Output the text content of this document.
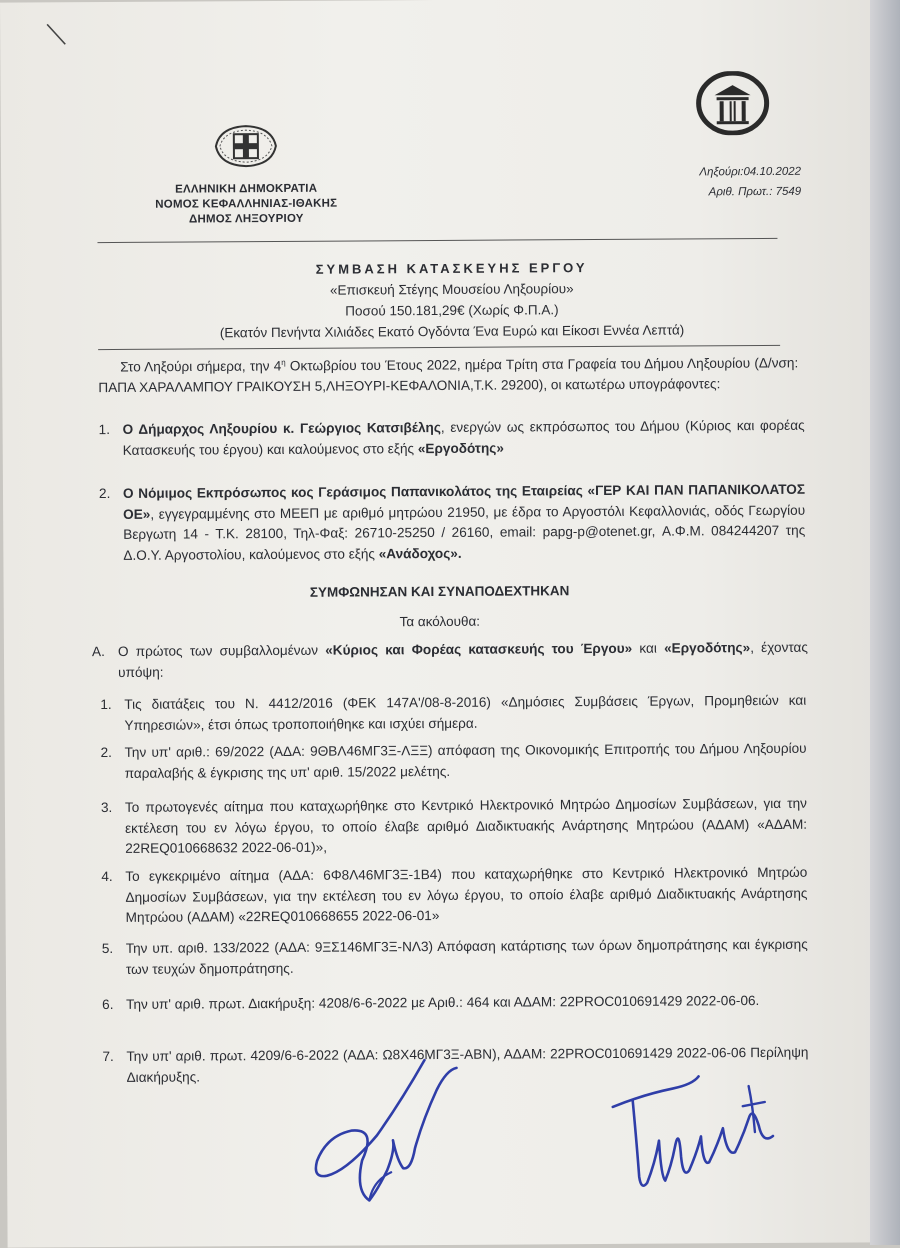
ΕΛΛΗΝΙΚΗ ΔΗΜΟΚΡΑΤΙΑ
ΝΟΜΟΣ ΚΕΦΑΛΛΗΝΙΑΣ-ΙΘΑΚΗΣ
ΔΗΜΟΣ ΛΗΞΟΥΡΙΟΥ
Ληξούρι:04.10.2022
Αριθ. Πρωτ.: 7549
ΣΥΜΒΑΣΗ ΚΑΤΑΣΚΕΥΗΣ ΕΡΓΟΥ
«Επισκευή Στέγης Μουσείου Ληξουρίου»
Ποσού 150.181,29€ (Χωρίς Φ.Π.Α.)
(Εκατόν Πενήντα Χιλιάδες Εκατό Ογδόντα Ένα Ευρώ και Είκοσι Εννέα Λεπτά)
Στο Ληξούρι σήμερα, την $4^\eta$ Οκτωβρίου του Έτους 2022, ημέρα Τρίτη στα Γραφεία του Δήμου Ληξουρίου (Δ/νση: ΠΑΠΑ ΧΑΡΑΛΑΜΠΟΥ ΓΡΑΙΚΟΥΣΗ 5,ΛΗΞΟΥΡΙ-ΚΕΦΑΛΟΝΙΑ,Τ.Κ. 29200), οι κατωτέρω υπογράφοντες:
1. Ο Δήμαρχος Ληξουρίου κ. Γεώργιος Κατσιβέλης, ενεργών ως εκπρόσωπος του Δήμου (Κύριος και φορέας Κατασκευής του έργου) και καλούμενος στο εξής «Εργοδότης»
2. Ο Νόμιμος Εκπρόσωπος κος Γεράσιμος Παπανικολάτος της Εταιρείας «ΓΕΡ ΚΑΙ ΠΑΝ ΠΑΠΑΝΙΚΟΛΑΤΟΣ ΟΕ», εγγεγραμμένης στο ΜΕΕΠ με αριθμό μητρώου 21950, με έδρα το Αργοστόλι Κεφαλλονιάς, οδός Γεωργίου Βεργωτη 14 - Τ.Κ. 28100, Τηλ-Φαξ: 26710-25250 / 26160, email: papg-p@otenet.gr, Α.Φ.Μ. 084244207 της Δ.Ο.Υ. Αργοστολίου, καλούμενος στο εξής «Ανάδοχος».
ΣΥΜΦΩΝΗΣΑΝ ΚΑΙ ΣΥΝΑΠΟΔΕΧΤΗΚΑΝ
Τα ακόλουθα:
Α. Ο πρώτος των συμβαλλομένων «Κύριος και Φορέας κατασκευής του Έργου» και «Εργοδότης», έχοντας υπόψη:
1. Τις διατάξεις του Ν. 4412/2016 (ΦΕΚ 147Α'/08-8-2016) «Δημόσιες Συμβάσεις Έργων, Προμηθειών και Υπηρεσιών», έτσι όπως τροποποιήθηκε και ισχύει σήμερα.
2. Την υπ' αριθ.: 69/2022 (ΑΔΑ: 9ΘΒΛ46ΜΓ3Ξ-ΛΞΞ) απόφαση της Οικονομικής Επιτροπής του Δήμου Ληξουρίου παραλαβής & έγκρισης της υπ' αριθ. 15/2022 μελέτης.
3. Το πρωτογενές αίτημα που καταχωρήθηκε στο Κεντρικό Ηλεκτρονικό Μητρώο Δημοσίων Συμβάσεων, για την εκτέλεση του εν λόγω έργου, το οποίο έλαβε αριθμό Διαδικτυακής Ανάρτησης Μητρώου (ΑΔΑΜ) «ΑΔΑΜ: 22REQ010668632 2022-06-01)»,
4. Το εγκεκριμένο αίτημα (ΑΔΑ: 6Φ8Λ46ΜΓ3Ξ-1Β4) που καταχωρήθηκε στο Κεντρικό Ηλεκτρονικό Μητρώο Δημοσίων Συμβάσεων, για την εκτέλεση του εν λόγω έργου, το οποίο έλαβε αριθμό Διαδικτυακής Ανάρτησης Μητρώου (ΑΔΑΜ) «22REQ010668655 2022-06-01»
5. Την υπ. αριθ. 133/2022 (ΑΔΑ: 9ΞΣ146ΜΓ3Ξ-ΝΛ3) Απόφαση κατάρτισης των όρων δημοπράτησης και έγκρισης των τευχών δημοπράτησης.
6. Την υπ' αριθ. πρωτ. Διακήρυξη: 4208/6-6-2022 με Αριθ.: 464 και ΑΔΑΜ: 22PROC010691429 2022-06-06.
7. Την υπ' αριθ. πρωτ. 4209/6-6-2022 (ΑΔΑ: Ω8Χ46ΜΓ3Ξ-ΑΒΝ), ΑΔΑΜ: 22PROC010691429 2022-06-06 Περίληψη Διακήρυξης.
